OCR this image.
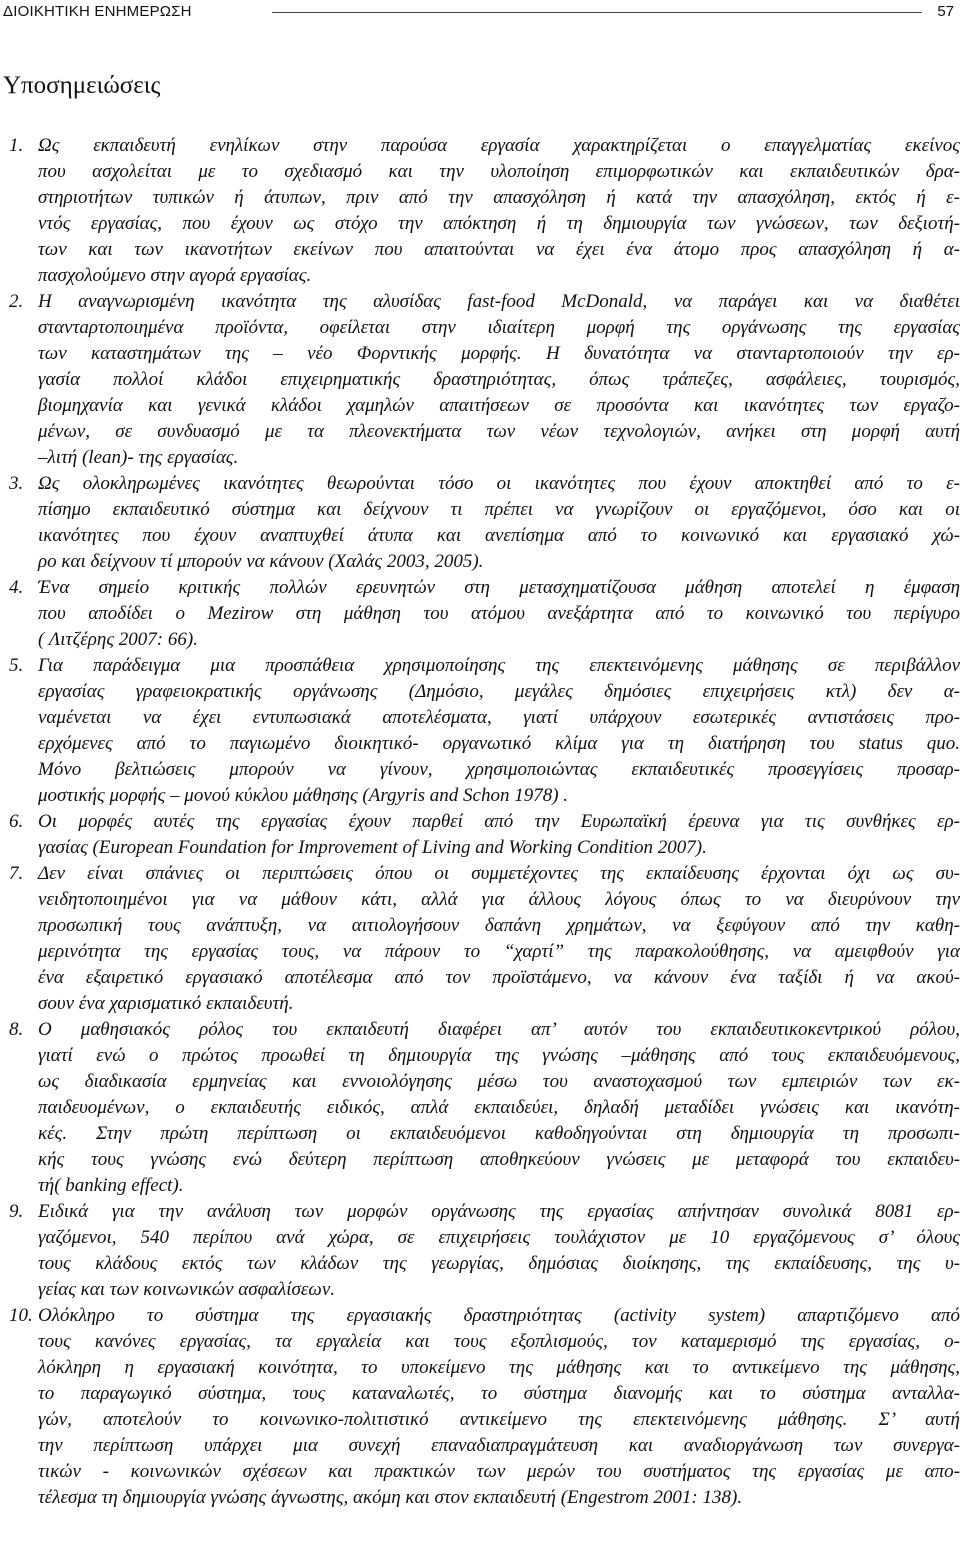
ΔΙΟΙΚΗΤΙΚΗ ΕΝΗΜΕΡΩΣΗ	57
Υποσημειώσεις
1. Ως εκπαιδευτή ενηλίκων στην παρούσα εργασία χαρακτηρίζεται ο επαγγελματίας εκείνος
που ασχολείται με το σχεδιασμό και την υλοποίηση επιμορφωτικών και εκπαιδευτικών δρα-
στηριοτήτων τυπικών ή άτυπων, πριν από την απασχόληση ή κατά την απασχόληση, εκτός ή ε-
ντός εργασίας, που έχουν ως στόχο την απόκτηση ή τη δημιουργία των γνώσεων, των δεξιοτή-
των και των ικανοτήτων εκείνων που απαιτούνται να έχει ένα άτομο προς απασχόληση ή α-
πασχολούμενο στην αγορά εργασίας.
2. Η αναγνωρισμένη ικανότητα της αλυσίδας fast-food McDonald, να παράγει και να διαθέτει
σταντaρτοποιημένα προϊόντα, οφείλεται στην ιδιαίτερη μορφή της οργάνωσης της εργασίας
των καταστημάτων της – νέο Φορντικής μορφής. Η δυνατότητα να σταντaρτοποιούν την ερ-
γασία πολλοί κλάδοι επιχειρηματικής δραστηριότητας, όπως τράπεζες, ασφάλειες, τουρισμός,
βιομηχανία και γενικά κλάδοι χαμηλών απαιτήσεων σε προσόντα και ικανότητες των εργαζο-
μένων, σε συνδυασμό με τα πλεονεκτήματα των νέων τεχνολογιών, ανήκει στη μορφή αυτή
–λιτή (lean)- της εργασίας.
3. Ως ολοκληρωμένες ικανότητες θεωρούνται τόσο οι ικανότητες που έχουν αποκτηθεί από το ε-
πίσημο εκπαιδευτικό σύστημα και δείχνουν τι πρέπει να γνωρίζουν οι εργαζόμενοι, όσο και οι
ικανότητες που έχουν αναπτυχθεί άτυπα και ανεπίσημα από το κοινωνικό και εργασιακό χώ-
ρο και δείχνουν τί μπορούν να κάνουν (Χαλάς 2003, 2005).
4. Ένα σημείο κριτικής πολλών ερευνητών στη μετασχηματίζουσα μάθηση αποτελεί η έμφαση
που αποδίδει ο Mezirow στη μάθηση του ατόμου ανεξάρτητα από το κοινωνικό του περίγυρο
( Λιτζέρης 2007: 66).
5. Για παράδειγμα μια προσπάθεια χρησιμοποίησης της επεκτεινόμενης μάθησης σε περιβάλλον
εργασίας γραφειοκρατικής οργάνωσης (Δημόσιο, μεγάλες δημόσιες επιχειρήσεις κτλ) δεν α-
ναμένεται να έχει εντυπωσιακά αποτελέσματα, γιατί υπάρχουν εσωτερικές αντιστάσεις προ-
ερχόμενες από το παγιωμένο διοικητικό- οργανωτικό κλίμα για τη διατήρηση του status quo.
Μόνο βελτιώσεις μπορούν να γίνουν, χρησιμοποιώντας εκπαιδευτικές προσεγγίσεις προσαρ-
μοστικής μορφής – μονού κύκλου μάθησης (Argyris and Schon 1978) .
6. Οι μορφές αυτές της εργασίας έχουν παρθεί από την Ευρωπαϊκή έρευνα για τις συνθήκες ερ-
γασίας (European Foundation for Improvement of Living and Working Condition 2007).
7. Δεν είναι σπάνιες οι περιπτώσεις όπου οι συμμετέχοντες της εκπαίδευσης έρχονται όχι ως συ-
νειδητοποιημένοι για να μάθουν κάτι, αλλά για άλλους λόγους όπως το να διευρύνουν την
προσωπική τους ανάπτυξη, να αιτιολογήσουν δαπάνη χρημάτων, να ξεφύγουν από την καθη-
μερινότητα της εργασίας τους, να πάρουν το “χαρτί” της παρακολούθησης, να αμειφθούν για
ένα εξαιρετικό εργασιακό αποτέλεσμα από τον προϊστάμενο, να κάνουν ένα ταξίδι ή να ακού-
σουν ένα χαρισματικό εκπαιδευτή.
8. Ο μαθησιακός ρόλος του εκπαιδευτή διαφέρει απ’ αυτόν του εκπαιδευτικοκεντρικού ρόλου,
γιατί ενώ ο πρώτος προωθεί τη δημιουργία της γνώσης –μάθησης από τους εκπαιδευόμενους,
ως διαδικασία ερμηνείας και εννοιολόγησης μέσω του αναστοχασμού των εμπειριών των εκ-
παιδευομένων, ο εκπαιδευτής ειδικός, απλά εκπαιδεύει, δηλαδή μεταδίδει γνώσεις και ικανότη-
κές. Στην πρώτη περίπτωση οι εκπαιδευόμενοι καθοδηγούνται στη δημιουργία τη προσωπι-
κής τους γνώσης ενώ δεύτερη περίπτωση αποθηκεύουν γνώσεις με μεταφορά του εκπαιδευ-
τή( banking effect).
9. Ειδικά για την ανάλυση των μορφών οργάνωσης της εργασίας απήντησαν συνολικά 8081 ερ-
γαζόμενοι, 540 περίπου ανά χώρα, σε επιχειρήσεις τουλάχιστον με 10 εργαζόμενους σ’ όλους
τους κλάδους εκτός των κλάδων της γεωργίας, δημόσιας διοίκησης, της εκπαίδευσης, της υ-
γείας και των κοινωνικών ασφαλίσεων.
10. Ολόκληρο το σύστημα της εργασιακής δραστηριότητας (activity system) απαρτιζόμενο από
τους κανόνες εργασίας, τα εργαλεία και τους εξοπλισμούς, τον καταμερισμό της εργασίας, ο-
λόκληρη η εργασιακή κοινότητα, το υποκείμενο της μάθησης και το αντικείμενο της μάθησης,
το παραγωγικό σύστημα, τους καταναλωτές, το σύστημα διανομής και το σύστημα ανταλλα-
γών, αποτελούν το κοινωνικο-πολιτιστικό αντικείμενο της επεκτεινόμενης μάθησης. Σ’ αυτή
την περίπτωση υπάρχει μια συνεχή επαναδιαπραγμάτευση και αναδιοργάνωση των συνεργα-
τικών - κοινωνικών σχέσεων και πρακτικών των μερών του συστήματος της εργασίας με απο-
τέλεσμα τη δημιουργία γνώσης άγνωστης, ακόμη και στον εκπαιδευτή (Engestrom 2001: 138).
